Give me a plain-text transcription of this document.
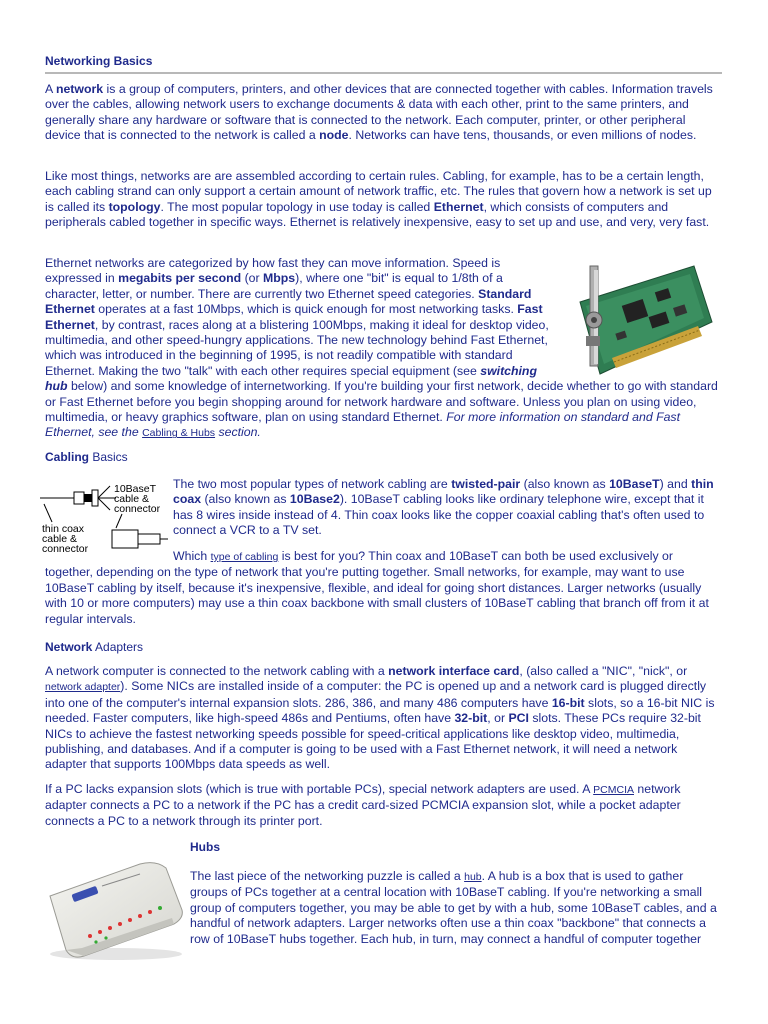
Networking Basics

A network is a group of computers, printers, and other devices that are connected together with cables. Information travels over the cables, allowing network users to exchange documents & data with each other, print to the same printers, and generally share any hardware or software that is connected to the network. Each computer, printer, or other peripheral device that is connected to the network is called a node. Networks can have tens, thousands, or even millions of nodes.

Like most things, networks are are assembled according to certain rules. Cabling, for example, has to be a certain length, each cabling strand can only support a certain amount of network traffic, etc. The rules that govern how a network is set up is called its topology. The most popular topology in use today is called Ethernet, which consists of computers and peripherals cabled together in specific ways. Ethernet is relatively inexpensive, easy to set up and use, and very, very fast.

Ethernet networks are categorized by how fast they can move information. Speed is expressed in megabits per second (or Mbps), where one "bit" is equal to 1/8th of a character, letter, or number. There are currently two Ethernet speed categories. Standard Ethernet operates at a fast 10Mbps, which is quick enough for most networking tasks. Fast Ethernet, by contrast, races along at a blistering 100Mbps, making it ideal for desktop video, multimedia, and other speed-hungry applications. The new technology behind Fast Ethernet, which was introduced in the beginning of 1995, is not readily compatible with standard Ethernet. Making the two "talk" with each other requires special equipment (see switching hub below) and some knowledge of internetworking. If you're building your first network, decide whether to go with standard or Fast Ethernet before you begin shopping around for network hardware and software. Unless you plan on using video, multimedia, or heavy graphics software, plan on using standard Ethernet. For more information on standard and Fast Ethernet, see the Cabling & Hubs section.
Cabling Basics
10BaseT
cable &
connector
thin coax
cable &
connector

The two most popular types of network cabling are twisted-pair (also known as 10BaseT) and thin coax (also known as 10Base2). 10BaseT cabling looks like ordinary telephone wire, except that it has 8 wires inside instead of 4. Thin coax looks like the copper coaxial cabling that's often used to connect a VCR to a TV set.

Which type of cabling is best for you? Thin coax and 10BaseT can both be used exclusively or together, depending on the type of network that you're putting together. Small networks, for example, may want to use 10BaseT cabling by itself, because it's inexpensive, flexible, and ideal for going short distances. Larger networks (usually with 10 or more computers) may use a thin coax backbone with small clusters of 10BaseT cabling that branch off from it at regular intervals.
Network Adapters

A network computer is connected to the network cabling with a network interface card, (also called a "NIC", "nick", or network adapter). Some NICs are installed inside of a computer: the PC is opened up and a network card is plugged directly into one of the computer's internal expansion slots. 286, 386, and many 486 computers have 16-bit slots, so a 16-bit NIC is needed. Faster computers, like high-speed 486s and Pentiums, often have 32-bit, or PCI slots. These PCs require 32-bit NICs to achieve the fastest networking speeds possible for speed-critical applications like desktop video, multimedia, publishing, and databases. And if a computer is going to be used with a Fast Ethernet network, it will need a network adapter that supports 100Mbps data speeds as well.

If a PC lacks expansion slots (which is true with portable PCs), special network adapters are used. A PCMCIA network adapter connects a PC to a network if the PC has a credit card-sized PCMCIA expansion slot, while a pocket adapter connects a PC to a network through its printer port.

Hubs

The last piece of the networking puzzle is called a hub. A hub is a box that is used to gather groups of PCs together at a central location with 10BaseT cabling. If you're networking a small group of computers together, you may be able to get by with a hub, some 10BaseT cables, and a handful of network adapters. Larger networks often use a thin coax "backbone" that connects a row of 10BaseT hubs together. Each hub, in turn, may connect a handful of computer together
